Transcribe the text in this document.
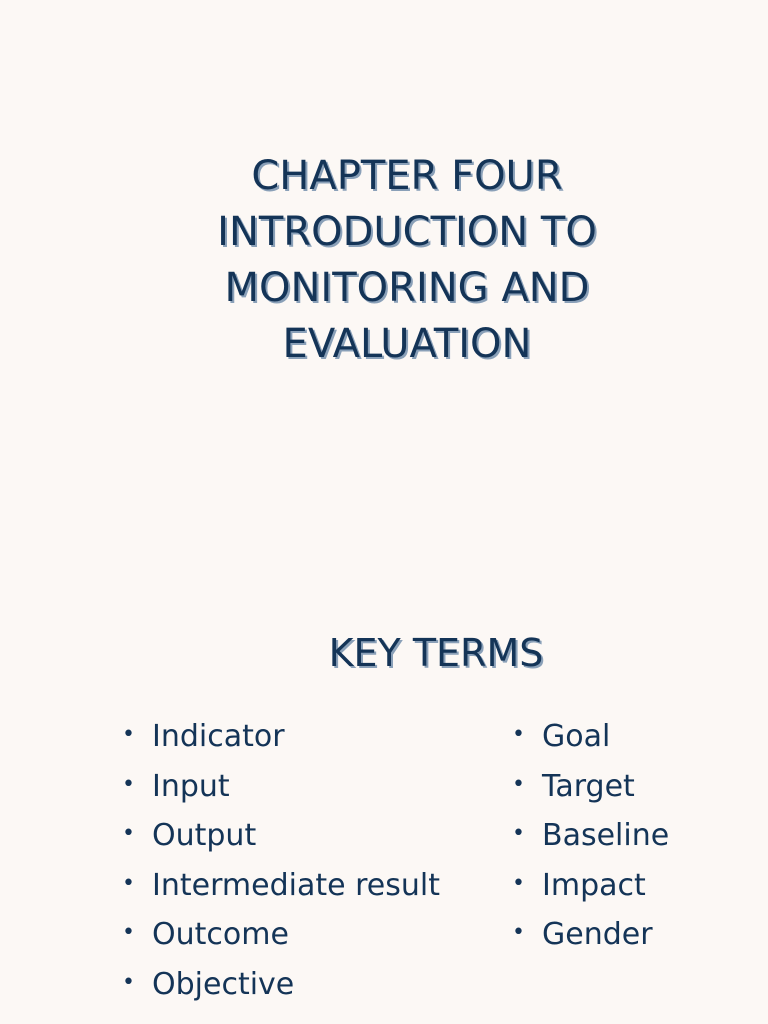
CHAPTER FOUR
INTRODUCTION TO
MONITORING AND
EVALUATION
KEY TERMS
• Indicator
• Input
• Output
• Intermediate result
• Outcome
• Objective
• Goal
• Target
• Baseline
• Impact
• Gender
